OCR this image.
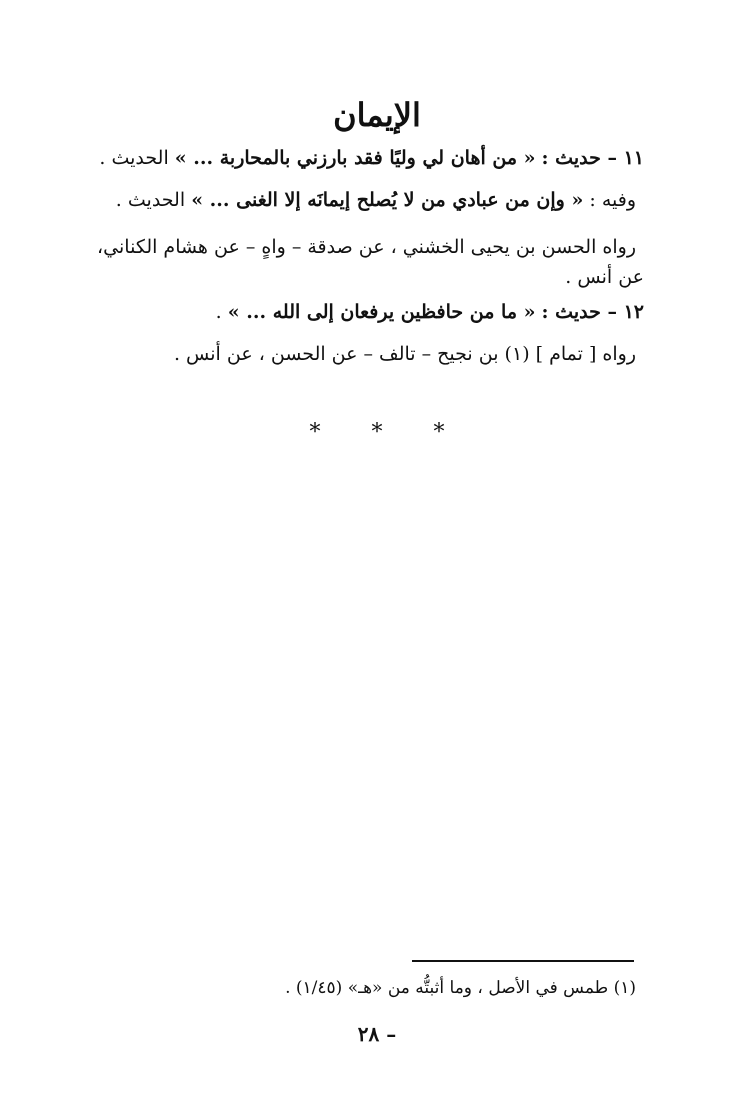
الإيمان

١١ – حديث : « من أهان لي وليًا فقد بارزني بالمحاربة ... » الحديث .

وفيه : « وإن من عبادي من لا يُصلح إيمانَه إلا الغنى ... » الحديث .

رواه الحسن بن يحيى الخشني ، عن صدقة – واهٍ – عن هشام الكناني،

عن أنس .

١٢ – حديث : « ما من حافظين يرفعان إلى الله ... » .

رواه [ تمام ] (١) بن نجيح – تالف – عن الحسن ، عن أنس .

* * *

(١) طمس في الأصل ، وما أثبتُّه من «هـ» (١/٤٥) .

– ٢٨
